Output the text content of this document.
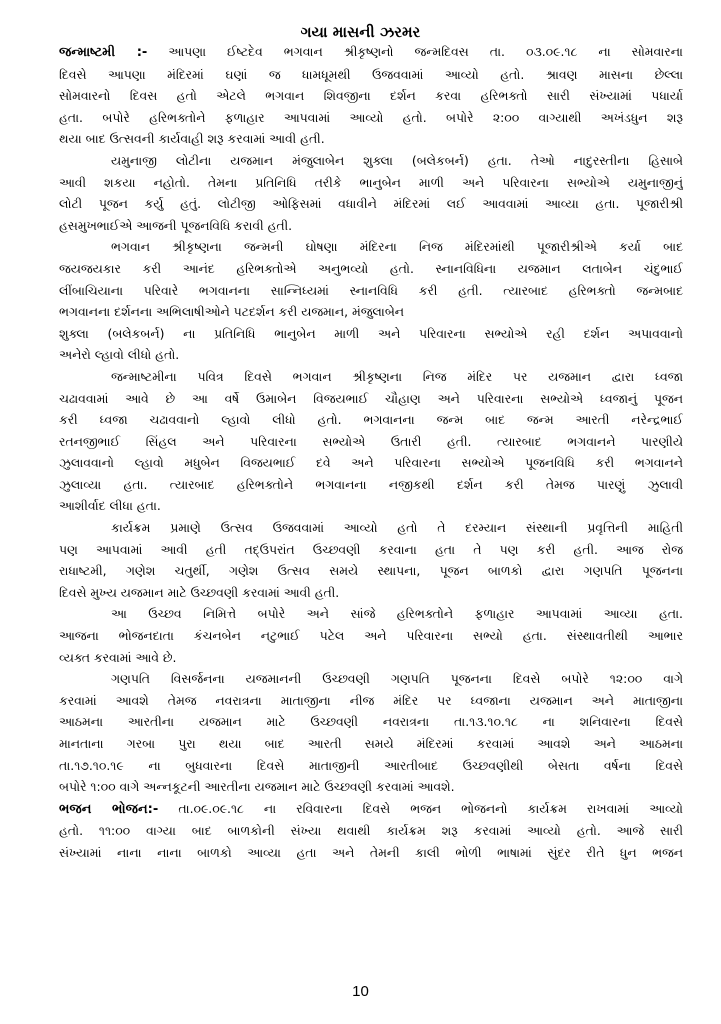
ગયા માસની ઝરમર
જન્માષ્ટમી :- આપણા ઈષ્ટદેવ ભગવાન શ્રીકૃષ્ણનો જન્મદિવસ તા. ૦૩.૦૯.૧૮ ના સોમવારના
દિવસે આપણા મંદિરમાં ઘણાં જ ધામધૂમથી ઉજવવામાં આવ્યો હતો. શ્રાવણ માસના છેલ્લા
સોમવારનો દિવસ હતો એટલે ભગવાન શિવજીના દર્શન કરવા હરિભક્તો સારી સંખ્યામાં પધાર્યા
હતા. બપોરે હરિભક્તોને ફળાહાર આપવામાં આવ્યો હતો. બપોરે ૨:૦૦ વાગ્યાથી અખંડધુન શરૂ
થયા બાદ ઉત્સવની કાર્યવાહી શરૂ કરવામાં આવી હતી.
યમુનાજી લોટીના યજમાન મંજુલાબેન શુક્લા (બલેકબર્ન) હતા. તેઓ નાદુરસ્તીના હિસાબે
આવી શકયા નહોતો. તેમના પ્રતિનિધિ તરીકે ભાનુબેન માળી અને પરિવારના સભ્યોએ યમુનાજીનું
લોટી પૂજન કર્યુ હતું. લોટીજી ઓફિસમાં વધાવીને મંદિરમાં લઈ આવવામાં આવ્યા હતા. પૂજારીશ્રી
હસમુખભાઈએ આજની પૂજનવિધિ કરાવી હતી.
ભગવાન શ્રીકૃષ્ણના જન્મની ઘોષણા મંદિરના નિજ મંદિરમાંથી પૂજારીશ્રીએ કર્યા બાદ
જયજયકાર કરી આનંદ હરિભક્તોએ અનુભવ્યો હતો. સ્નાનવિધિના યજમાન લતાબેન ચંદુભાઈ
લીંબાચિયાના પરિવારે ભગવાનના સાન્નિધ્યમાં સ્નાનવિધિ કરી હતી. ત્યારબાદ હરિભક્તો જન્મબાદ
ભગવાનના દર્શનના અભિલાષીઓને પટદર્શન કરી યજમાન, મંજુલાબેન
શુક્લા (બલેકબર્ન) ના પ્રતિનિધિ ભાનુબેન માળી અને પરિવારના સભ્યોએ રહી દર્શન અપાવવાનો
અનેરો લ્હાવો લીધો હતો.
જન્માષ્ટમીના પવિત્ર દિવસે ભગવાન શ્રીકૃષ્ણના નિજ મંદિર પર યજમાન દ્વારા ધ્વજા
ચઢાવવામાં આવે છે આ વર્ષે ઉમાબેન વિજયભાઈ ચૌહાણ અને પરિવારના સભ્યોએ ધ્વજાનું પૂજન
કરી ધ્વજા ચઢાવવાનો લ્હાવો લીધો હતો. ભગવાનના જન્મ બાદ જન્મ આરતી નરેન્દ્રભાઈ
રતનજીભાઈ સિંહલ અને પરિવારના સભ્યોએ ઉતારી હતી. ત્યારબાદ ભગવાનને પારણીયે
ઝુલાવવાનો લ્હાવો મધુબેન વિજયભાઈ દવે અને પરિવારના સભ્યોએ પૂજનવિધિ કરી ભગવાનને
ઝુલાવ્યા હતા. ત્યારબાદ હરિભક્તોને ભગવાનના નજીકથી દર્શન કરી તેમજ પારણું ઝુલાવી
આશીર્વાદ લીધા હતા.
કાર્યક્રમ પ્રમાણે ઉત્સવ ઉજવવામાં આવ્યો હતો તે દરમ્યાન સંસ્થાની પ્રવૃત્તિની માહિતી
પણ આપવામાં આવી હતી તદ્ઉપરાંત ઉચ્છવણી કરવાના હતા તે પણ કરી હતી. આજ રોજ
રાધાષ્ટમી, ગણેશ ચતુર્થી, ગણેશ ઉત્સવ સમયે સ્થાપના, પૂજન બાળકો દ્વારા ગણપતિ પૂજનના
દિવસે મુખ્ય યજમાન માટે ઉચ્છવણી કરવામાં આવી હતી.
આ ઉચ્છવ નિમિત્તે બપોરે અને સાંજે હરિભક્તોને ફળાહાર આપવામાં આવ્યા હતા.
આજના ભોજનદાતા કંચનબેન નટુભાઈ પટેલ અને પરિવારના સભ્યો હતા. સંસ્થાવતીથી આભાર
વ્યક્ત કરવામાં આવે છે.
ગણપતિ વિસર્જનના યજમાનની ઉચ્છવણી ગણપતિ પૂજનના દિવસે બપોરે ૧૨:૦૦ વાગે
કરવામાં આવશે તેમજ નવરાત્રના માતાજીના નીજ મંદિર પર ધ્વજાના યજમાન અને માતાજીના
આઠમના આરતીના યજમાન માટે ઉચ્છવણી નવરાત્રના તા.૧૩.૧૦.૧૮ ના શનિવારના દિવસે
માનતાના ગરબા પુરા થયા બાદ આરતી સમયે મંદિરમાં કરવામાં આવશે અને આઠમના
તા.૧૭.૧૦.૧૯ ના બુધવારના દિવસે માતાજીની આરતીબાદ ઉચ્છવણીથી બેસતા વર્ષના દિવસે
બપોરે ૧:૦૦ વાગે અન્નકૂટની આરતીના યજમાન માટે ઉચ્છવણી કરવામાં આવશે.
ભજન ભોજન:- તા.૦૯.૦૯.૧૮ ના રવિવારના દિવસે ભજન ભોજનનો કાર્યક્રમ રાખવામાં આવ્યો
હતો. ૧૧:૦૦ વાગ્યા બાદ બાળકોની સંખ્યા થવાથી કાર્યક્રમ શરૂ કરવામાં આવ્યો હતો. આજે સારી
સંખ્યામાં નાના નાના બાળકો આવ્યા હતા અને તેમની કાલી ભોળી ભાષામાં સુંદર રીતે ધુન ભજન
10
